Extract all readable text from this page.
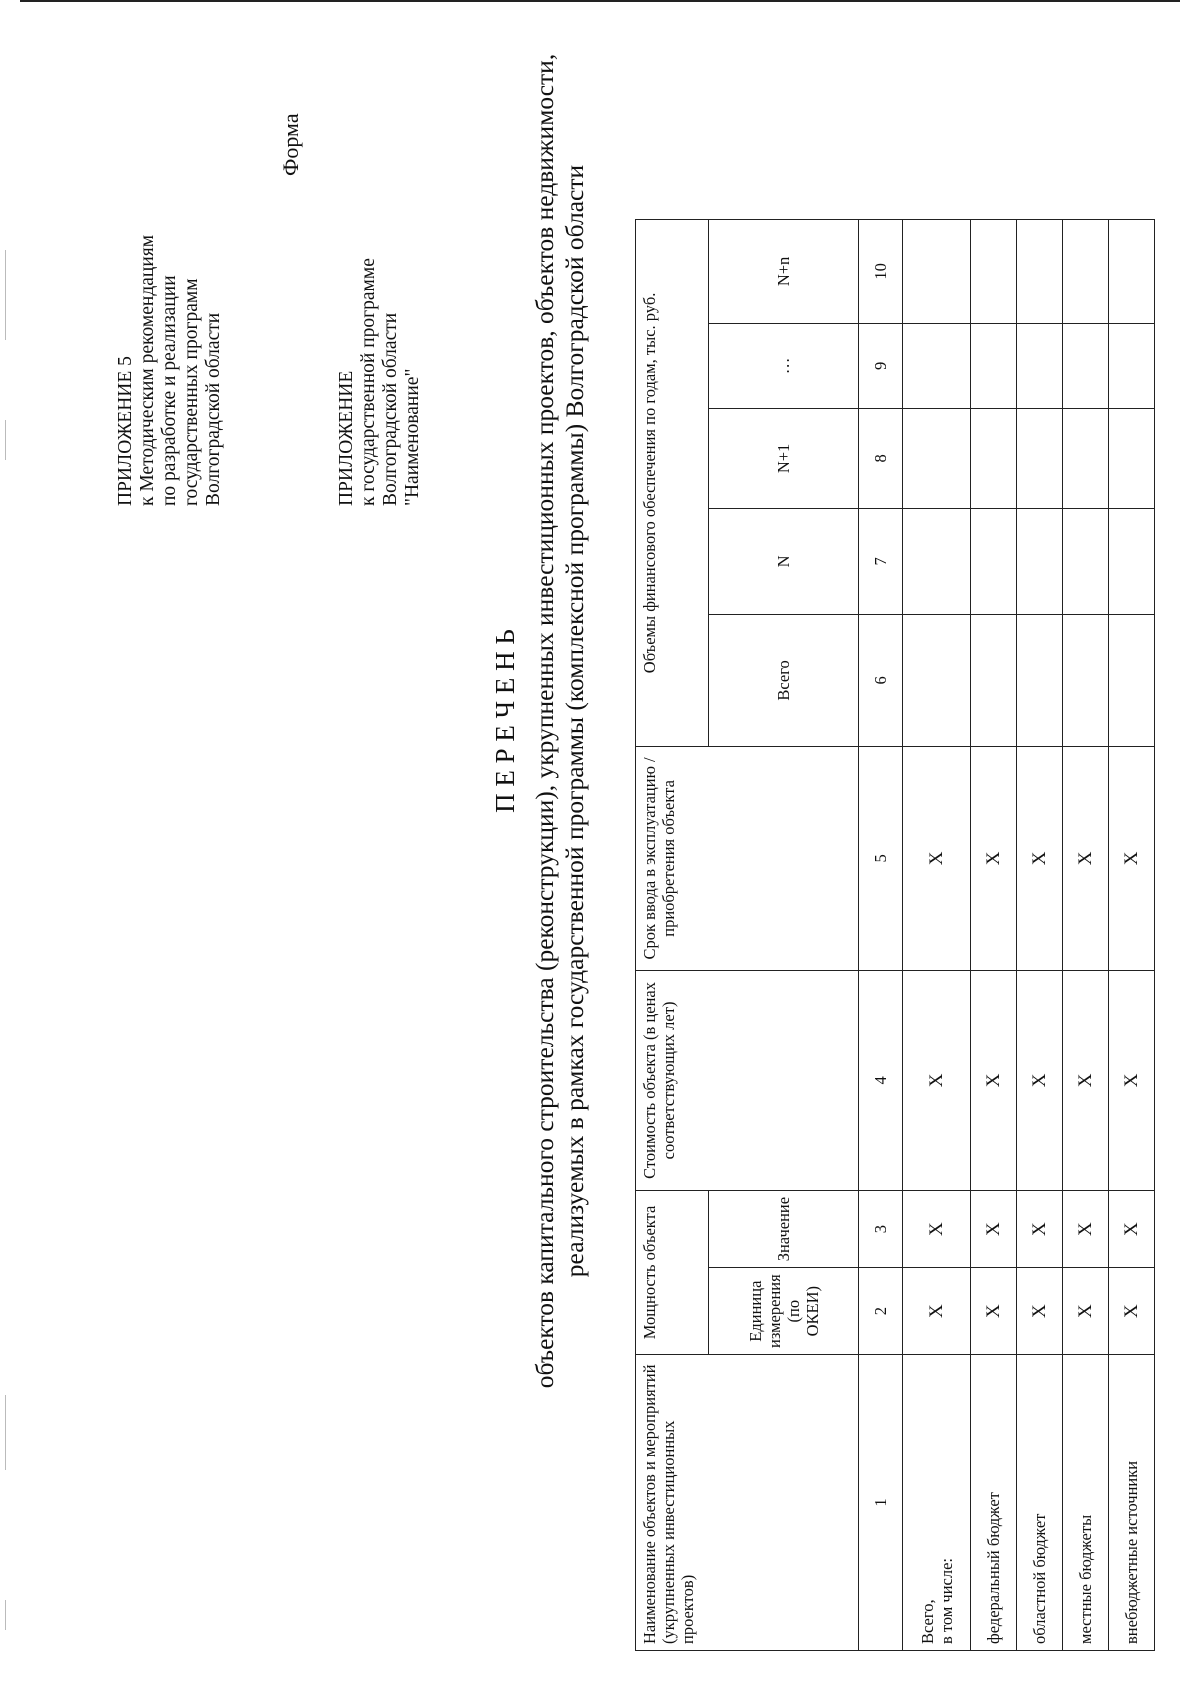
ПРИЛОЖЕНИЕ 5 к Методическим рекомендациям по разработке и реализации государственных программ Волгоградской области	ПРИЛОЖЕНИЕ к государственной программе Волгоградской области "Наименование"
Форма
П Е Р Е Ч Е Н Ь объектов капитального строительства (реконструкции), укрупненных инвестиционных проектов, объектов недвижимости, реализуемых в рамках государственной программы (комплексной программы) Волгоградской области
Наименование объектов и мероприятий (укрупненных инвестиционных проектов)	Мощность объекта		Стоимость объекта (в ценах соответствующих лет)	Срок ввода в эксплуатацию / приобретения объекта	Объемы финансового обеспечения по годам, тыс. руб.				
	Единица измерения (по ОКЕИ)	Значение			Всего	N	N+1	…	N+n
1	2	3	4	5	6	7	8	9	10

Всего, в том числе:	X	X	X	X					
федеральный бюджет	X	X	X	X					
областной бюджет	X	X	X	X					
местные бюджеты	X	X	X	X					
внебюджетные источники	X	X	X	X					
